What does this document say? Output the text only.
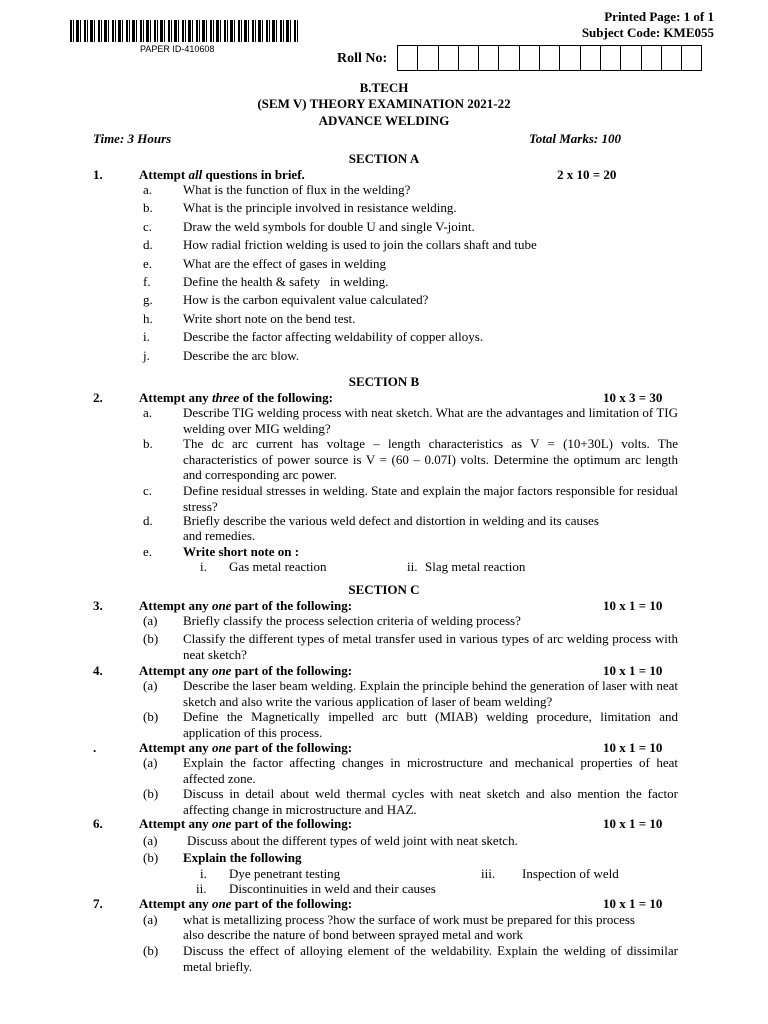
PAPER ID-410608
Printed Page: 1 of 1
Subject Code: KME055
Roll No:
B.TECH
(SEM V) THEORY EXAMINATION 2021-22
ADVANCE WELDING
Time: 3 Hours	Total Marks: 100
SECTION A
1.	Attempt all questions in brief.	2 x 10 = 20
a. What is the function of flux in the welding?
b. What is the principle involved in resistance welding.
c. Draw the weld symbols for double U and single V-joint.
d. How radial friction welding is used to join the collars shaft and tube
e. What are the effect of gases in welding
f. Define the health & safety   in welding.
g. How is the carbon equivalent value calculated?
h. Write short note on the bend test.
i.	Describe the factor affecting weldability of copper alloys.
j.	Describe the arc blow.
SECTION B
2.	Attempt any three of the following:	10 x 3 = 30
a. Describe TIG welding process with neat sketch. What are the advantages and limitation of TIG welding over MIG welding?
b. The dc arc current has voltage – length characteristics as V = (10+30L) volts. The characteristics of power source is V = (60 – 0.07I) volts. Determine the optimum arc length and corresponding arc power.
c. Define residual stresses in welding. State and explain the major factors responsible for residual stress?
d. Briefly describe the various weld defect and distortion in welding and its causes
and remedies.
e. Write short note on :
i. Gas metal reaction	ii. Slag metal reaction
SECTION C
3.	Attempt any one part of the following:	10 x 1 = 10
(a) Briefly classify the process selection criteria of welding process?
(b) Classify the different types of metal transfer used in various types of arc welding process with neat sketch?
4.	Attempt any one part of the following:	10 x 1 = 10
(a) Describe the laser beam welding. Explain the principle behind the generation of laser with neat sketch and also write the various application of laser of beam welding?
(b) Define the Magnetically impelled arc butt (MIAB) welding procedure, limitation and application of this process.
.	Attempt any one part of the following:	10 x 1 = 10
(a) Explain the factor affecting changes in microstructure and mechanical properties of heat affected zone.
(b) Discuss in detail about weld thermal cycles with neat sketch and also mention the factor affecting change in microstructure and HAZ.
6.	Attempt any one part of the following:	10 x 1 = 10
(a) Discuss about the different types of weld joint with neat sketch.
(b) Explain the following
i. Dye penetrant testing	iii. Inspection of weld
ii. Discontinuities in weld and their causes
7.	Attempt any one part of the following:	10 x 1 = 10
(a) what is metallizing process ?how the surface of work must be prepared for this process
also describe the nature of bond between sprayed metal and work
(b) Discuss the effect of alloying element of the weldability. Explain the welding of dissimilar metal briefly.
